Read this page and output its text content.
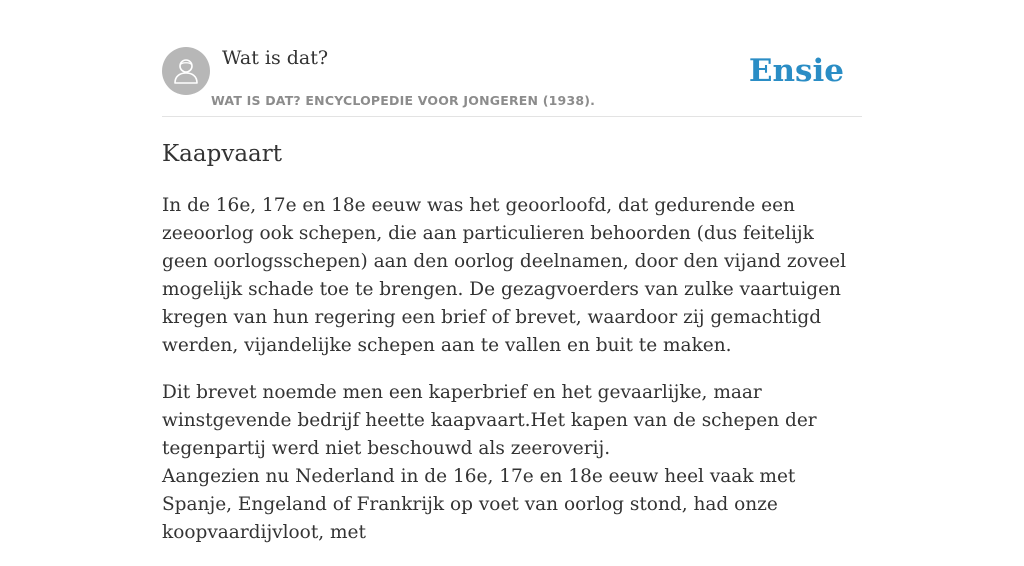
Wat is dat?
WAT IS DAT? ENCYCLOPEDIE VOOR JONGEREN (1938).
Ensie
Kaapvaart

In de 16e, 17e en 18e eeuw was het geoorloofd, dat gedurende een zeeoorlog ook schepen, die aan particulieren behoorden (dus feitelijk geen oorlogsschepen) aan den oorlog deelnamen, door den vijand zoveel mogelijk schade toe te brengen. De gezagvoerders van zulke vaartuigen kregen van hun regering een brief of brevet, waardoor zij gemachtigd werden, vijandelijke schepen aan te vallen en buit te maken.

Dit brevet noemde men een kaperbrief en het gevaarlijke, maar winstgevende bedrijf heette kaapvaart.Het kapen van de schepen der tegenpartij werd niet beschouwd als zeeroverij.

Aangezien nu Nederland in de 16e, 17e en 18e eeuw heel vaak met Spanje, Engeland of Frankrijk op voet van oorlog stond, had onze koopvaardijvloot, met
